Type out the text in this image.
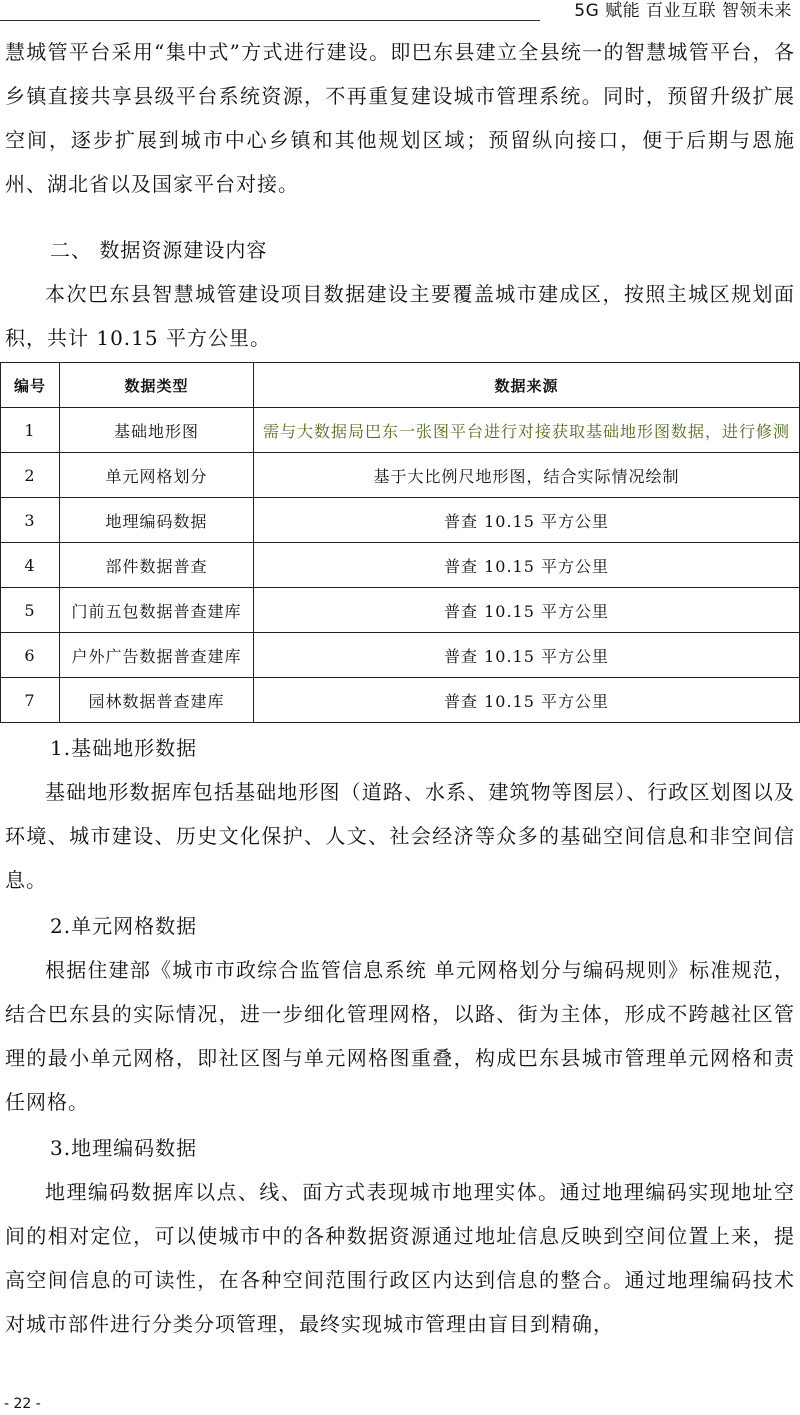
5G 赋能 百业互联 智领未来

慧城管平台采用“集中式”方式进行建设。即巴东县建立全县统一的智慧城管平台，各乡镇直接共享县级平台系统资源，不再重复建设城市管理系统。同时，预留升级扩展空间，逐步扩展到城市中心乡镇和其他规划区域；预留纵向接口，便于后期与恩施州、湖北省以及国家平台对接。

二、 数据资源建设内容

本次巴东县智慧城管建设项目数据建设主要覆盖城市建成区，按照主城区规划面积，共计 10.15 平方公里。

编号	数据类型	数据来源
1	基础地形图	需与大数据局巴东一张图平台进行对接获取基础地形图数据，进行修测
2	单元网格划分	基于大比例尺地形图，结合实际情况绘制
3	地理编码数据	普查 10.15 平方公里
4	部件数据普查	普查 10.15 平方公里
5	门前五包数据普查建库	普查 10.15 平方公里
6	户外广告数据普查建库	普查 10.15 平方公里
7	园林数据普查建库	普查 10.15 平方公里

1.基础地形数据

基础地形数据库包括基础地形图（道路、水系、建筑物等图层）、行政区划图以及环境、城市建设、历史文化保护、人文、社会经济等众多的基础空间信息和非空间信息。

2.单元网格数据

根据住建部《城市市政综合监管信息系统 单元网格划分与编码规则》标准规范，结合巴东县的实际情况，进一步细化管理网格，以路、街为主体，形成不跨越社区管理的最小单元网格，即社区图与单元网格图重叠，构成巴东县城市管理单元网格和责任网格。

3.地理编码数据

地理编码数据库以点、线、面方式表现城市地理实体。通过地理编码实现地址空间的相对定位，可以使城市中的各种数据资源通过地址信息反映到空间位置上来，提高空间信息的可读性，在各种空间范围行政区内达到信息的整合。通过地理编码技术对城市部件进行分类分项管理，最终实现城市管理由盲目到精确，

- 22 -
